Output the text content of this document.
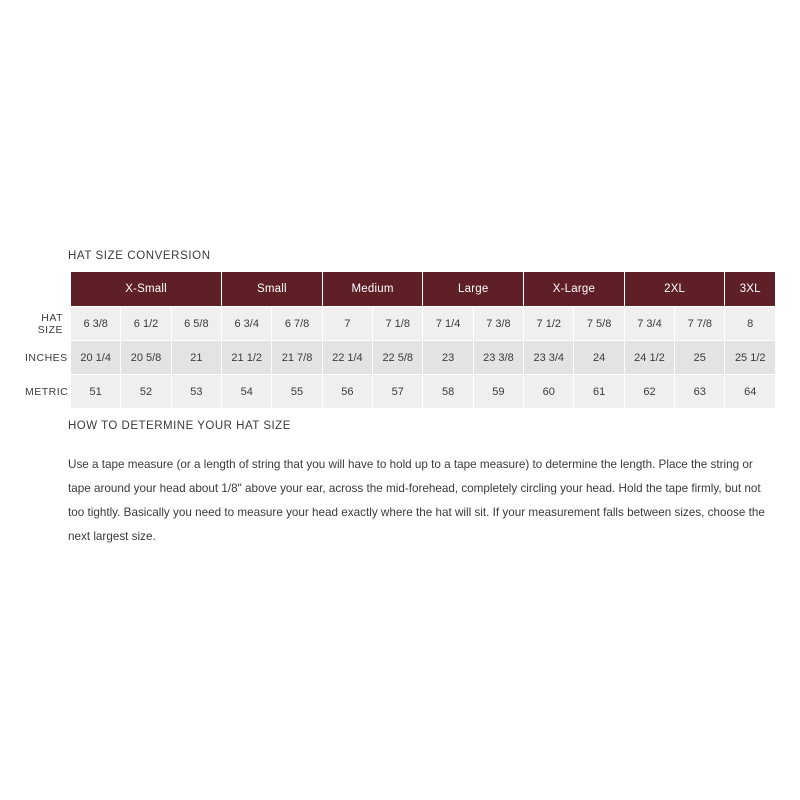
HAT SIZE CONVERSION
	X-Small			Small		Medium		Large		X-Large		2XL		3XL
HAT SIZE	6 3/8	6 1/2	6 5/8	6 3/4	6 7/8	7	7 1/8	7 1/4	7 3/8	7 1/2	7 5/8	7 3/4	7 7/8	8
INCHES	20 1/4	20 5/8	21	21 1/2	21 7/8	22 1/4	22 5/8	23	23 3/8	23 3/4	24	24 1/2	25	25 1/2
METRIC	51	52	53	54	55	56	57	58	59	60	61	62	63	64
HOW TO DETERMINE YOUR HAT SIZE
Use a tape measure (or a length of string that you will have to hold up to a tape measure) to determine the length. Place the string or tape around your head about 1/8" above your ear, across the mid-forehead, completely circling your head. Hold the tape firmly, but not too tightly. Basically you need to measure your head exactly where the hat will sit. If your measurement falls between sizes, choose the next largest size.
